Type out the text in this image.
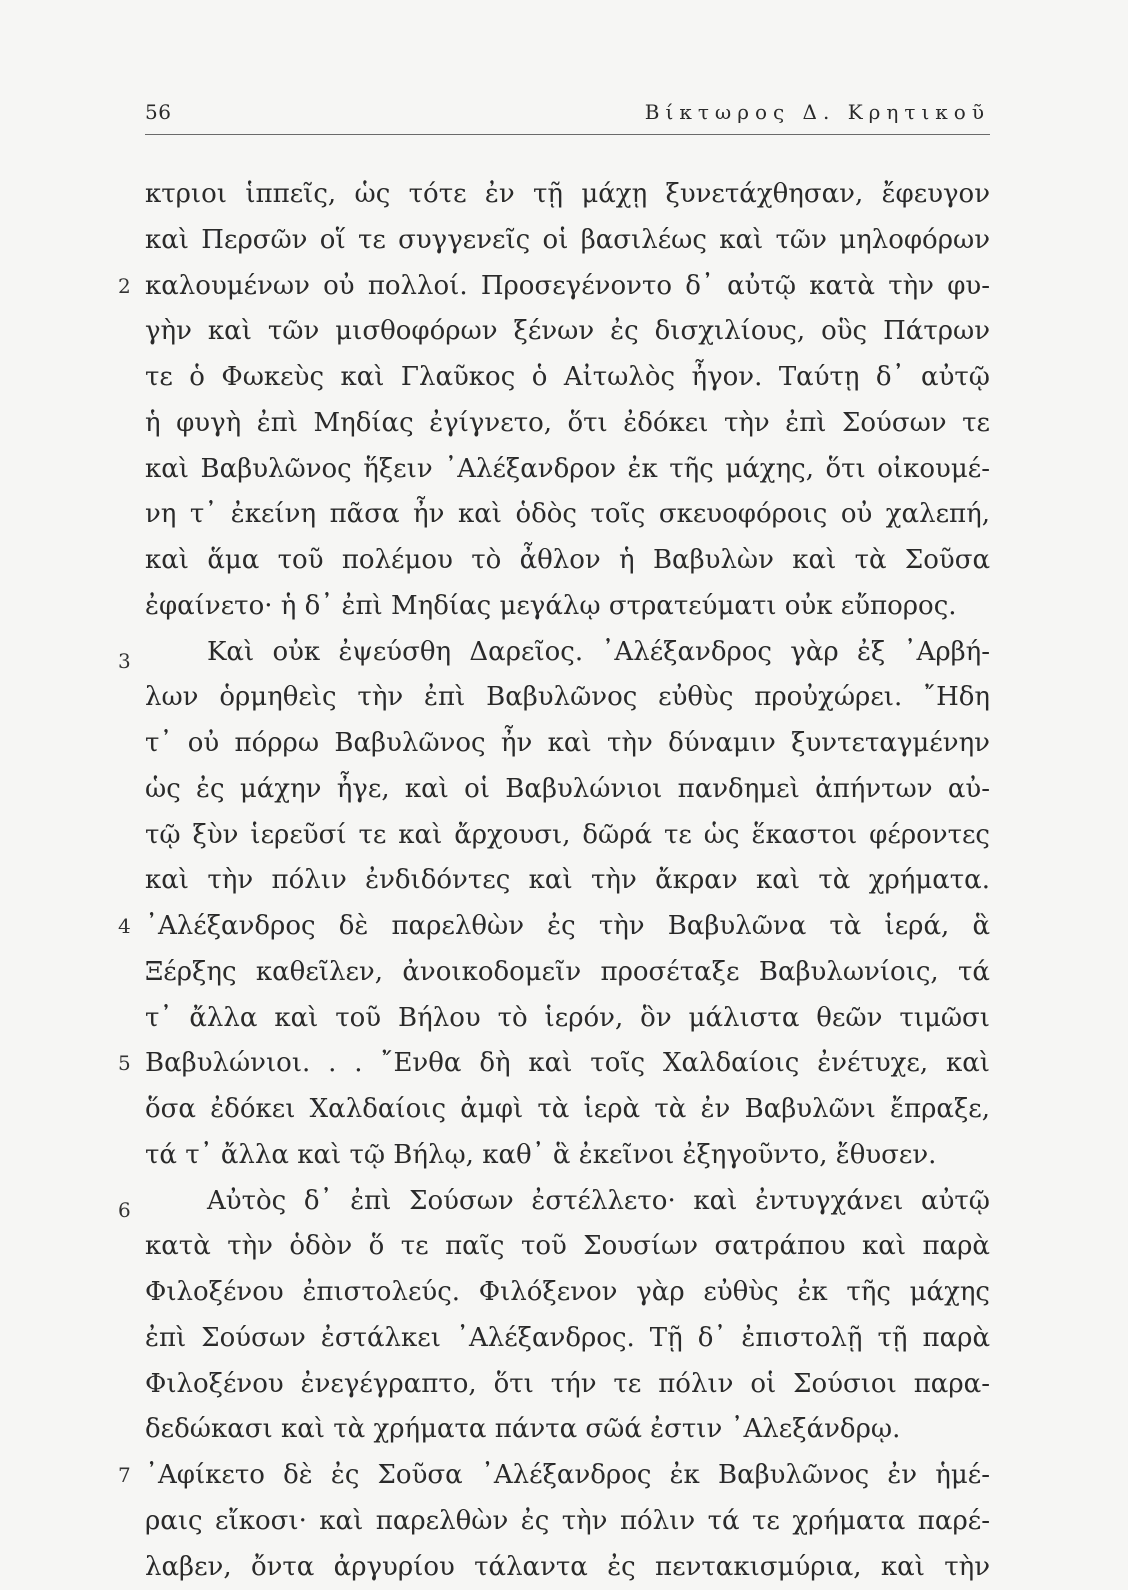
56	Βίκτωρος Δ. Κρητικοῦ
κτριοι ἱππεῖς, ὡς τότε ἐν τῇ μάχῃ ξυνετάχθησαν, ἔφευγον
καὶ Περσῶν οἵ τε συγγενεῖς οἱ βασιλέως καὶ τῶν μηλοφόρων
2 καλουμένων οὐ πολλοί. Προσεγένοντο δ᾽ αὐτῷ κατὰ τὴν φυ-
γὴν καὶ τῶν μισθοφόρων ξένων ἐς δισχιλίους, οὓς Πάτρων
τε ὁ Φωκεὺς καὶ Γλαῦκος ὁ Αἰτωλὸς ἦγον. Ταύτῃ δ᾽ αὐτῷ
ἡ φυγὴ ἐπὶ Μηδίας ἐγίγνετο, ὅτι ἐδόκει τὴν ἐπὶ Σούσων τε
καὶ Βαβυλῶνος ἥξειν ᾽Αλέξανδρον ἐκ τῆς μάχης, ὅτι οἰκουμέ-
νη τ᾽ ἐκείνη πᾶσα ἦν καὶ ὁδὸς τοῖς σκευοφόροις οὐ χαλεπή,
καὶ ἅμα τοῦ πολέμου τὸ ἆθλον ἡ Βαβυλὼν καὶ τὰ Σοῦσα
ἐφαίνετο· ἡ δ᾽ ἐπὶ Μηδίας μεγάλῳ στρατεύματι οὐκ εὔπορος.
3	Καὶ οὐκ ἐψεύσθη Δαρεῖος. ᾽Αλέξανδρος γὰρ ἐξ ᾽Αρβή-
λων ὁρμηθεὶς τὴν ἐπὶ Βαβυλῶνος εὐθὺς προὐχώρει. ῎Ηδη
τ᾽ οὐ πόρρω Βαβυλῶνος ἦν καὶ τὴν δύναμιν ξυντεταγμένην
ὡς ἐς μάχην ἦγε, καὶ οἱ Βαβυλώνιοι πανδημεὶ ἀπήντων αὐ-
τῷ ξὺν ἱερεῦσί τε καὶ ἄρχουσι, δῶρά τε ὡς ἕκαστοι φέροντες
καὶ τὴν πόλιν ἐνδιδόντες καὶ τὴν ἄκραν καὶ τὰ χρήματα.
4 ᾽Αλέξανδρος δὲ παρελθὼν ἐς τὴν Βαβυλῶνα τὰ ἱερά, ἃ
Ξέρξης καθεῖλεν, ἀνοικοδομεῖν προσέταξε Βαβυλωνίοις, τά
τ᾽ ἄλλα καὶ τοῦ Βήλου τὸ ἱερόν, ὃν μάλιστα θεῶν τιμῶσι
5 Βαβυλώνιοι. . . ῎Ενθα δὴ καὶ τοῖς Χαλδαίοις ἐνέτυχε, καὶ
ὅσα ἐδόκει Χαλδαίοις ἀμφὶ τὰ ἱερὰ τὰ ἐν Βαβυλῶνι ἔπραξε,
τά τ᾽ ἄλλα καὶ τῷ Βήλῳ, καθ᾽ ἃ ἐκεῖνοι ἐξηγοῦντο, ἔθυσεν.
6	Αὐτὸς δ᾽ ἐπὶ Σούσων ἐστέλλετο· καὶ ἐντυγχάνει αὐτῷ
κατὰ τὴν ὁδὸν ὅ τε παῖς τοῦ Σουσίων σατράπου καὶ παρὰ
Φιλοξένου ἐπιστολεύς. Φιλόξενον γὰρ εὐθὺς ἐκ τῆς μάχης
ἐπὶ Σούσων ἐστάλκει ᾽Αλέξανδρος. Τῇ δ᾽ ἐπιστολῇ τῇ παρὰ
Φιλοξένου ἐνεγέγραπτο, ὅτι τήν τε πόλιν οἱ Σούσιοι παρα-
δεδώκασι καὶ τὰ χρήματα πάντα σῶά ἐστιν ᾽Αλεξάνδρῳ.
7 ᾽Αφίκετο δὲ ἐς Σοῦσα ᾽Αλέξανδρος ἐκ Βαβυλῶνος ἐν ἡμέ-
ραις εἴκοσι· καὶ παρελθὼν ἐς τὴν πόλιν τά τε χρήματα παρέ-
λαβεν, ὄντα ἀργυρίου τάλαντα ἐς πεντακισμύρια, καὶ τὴν
